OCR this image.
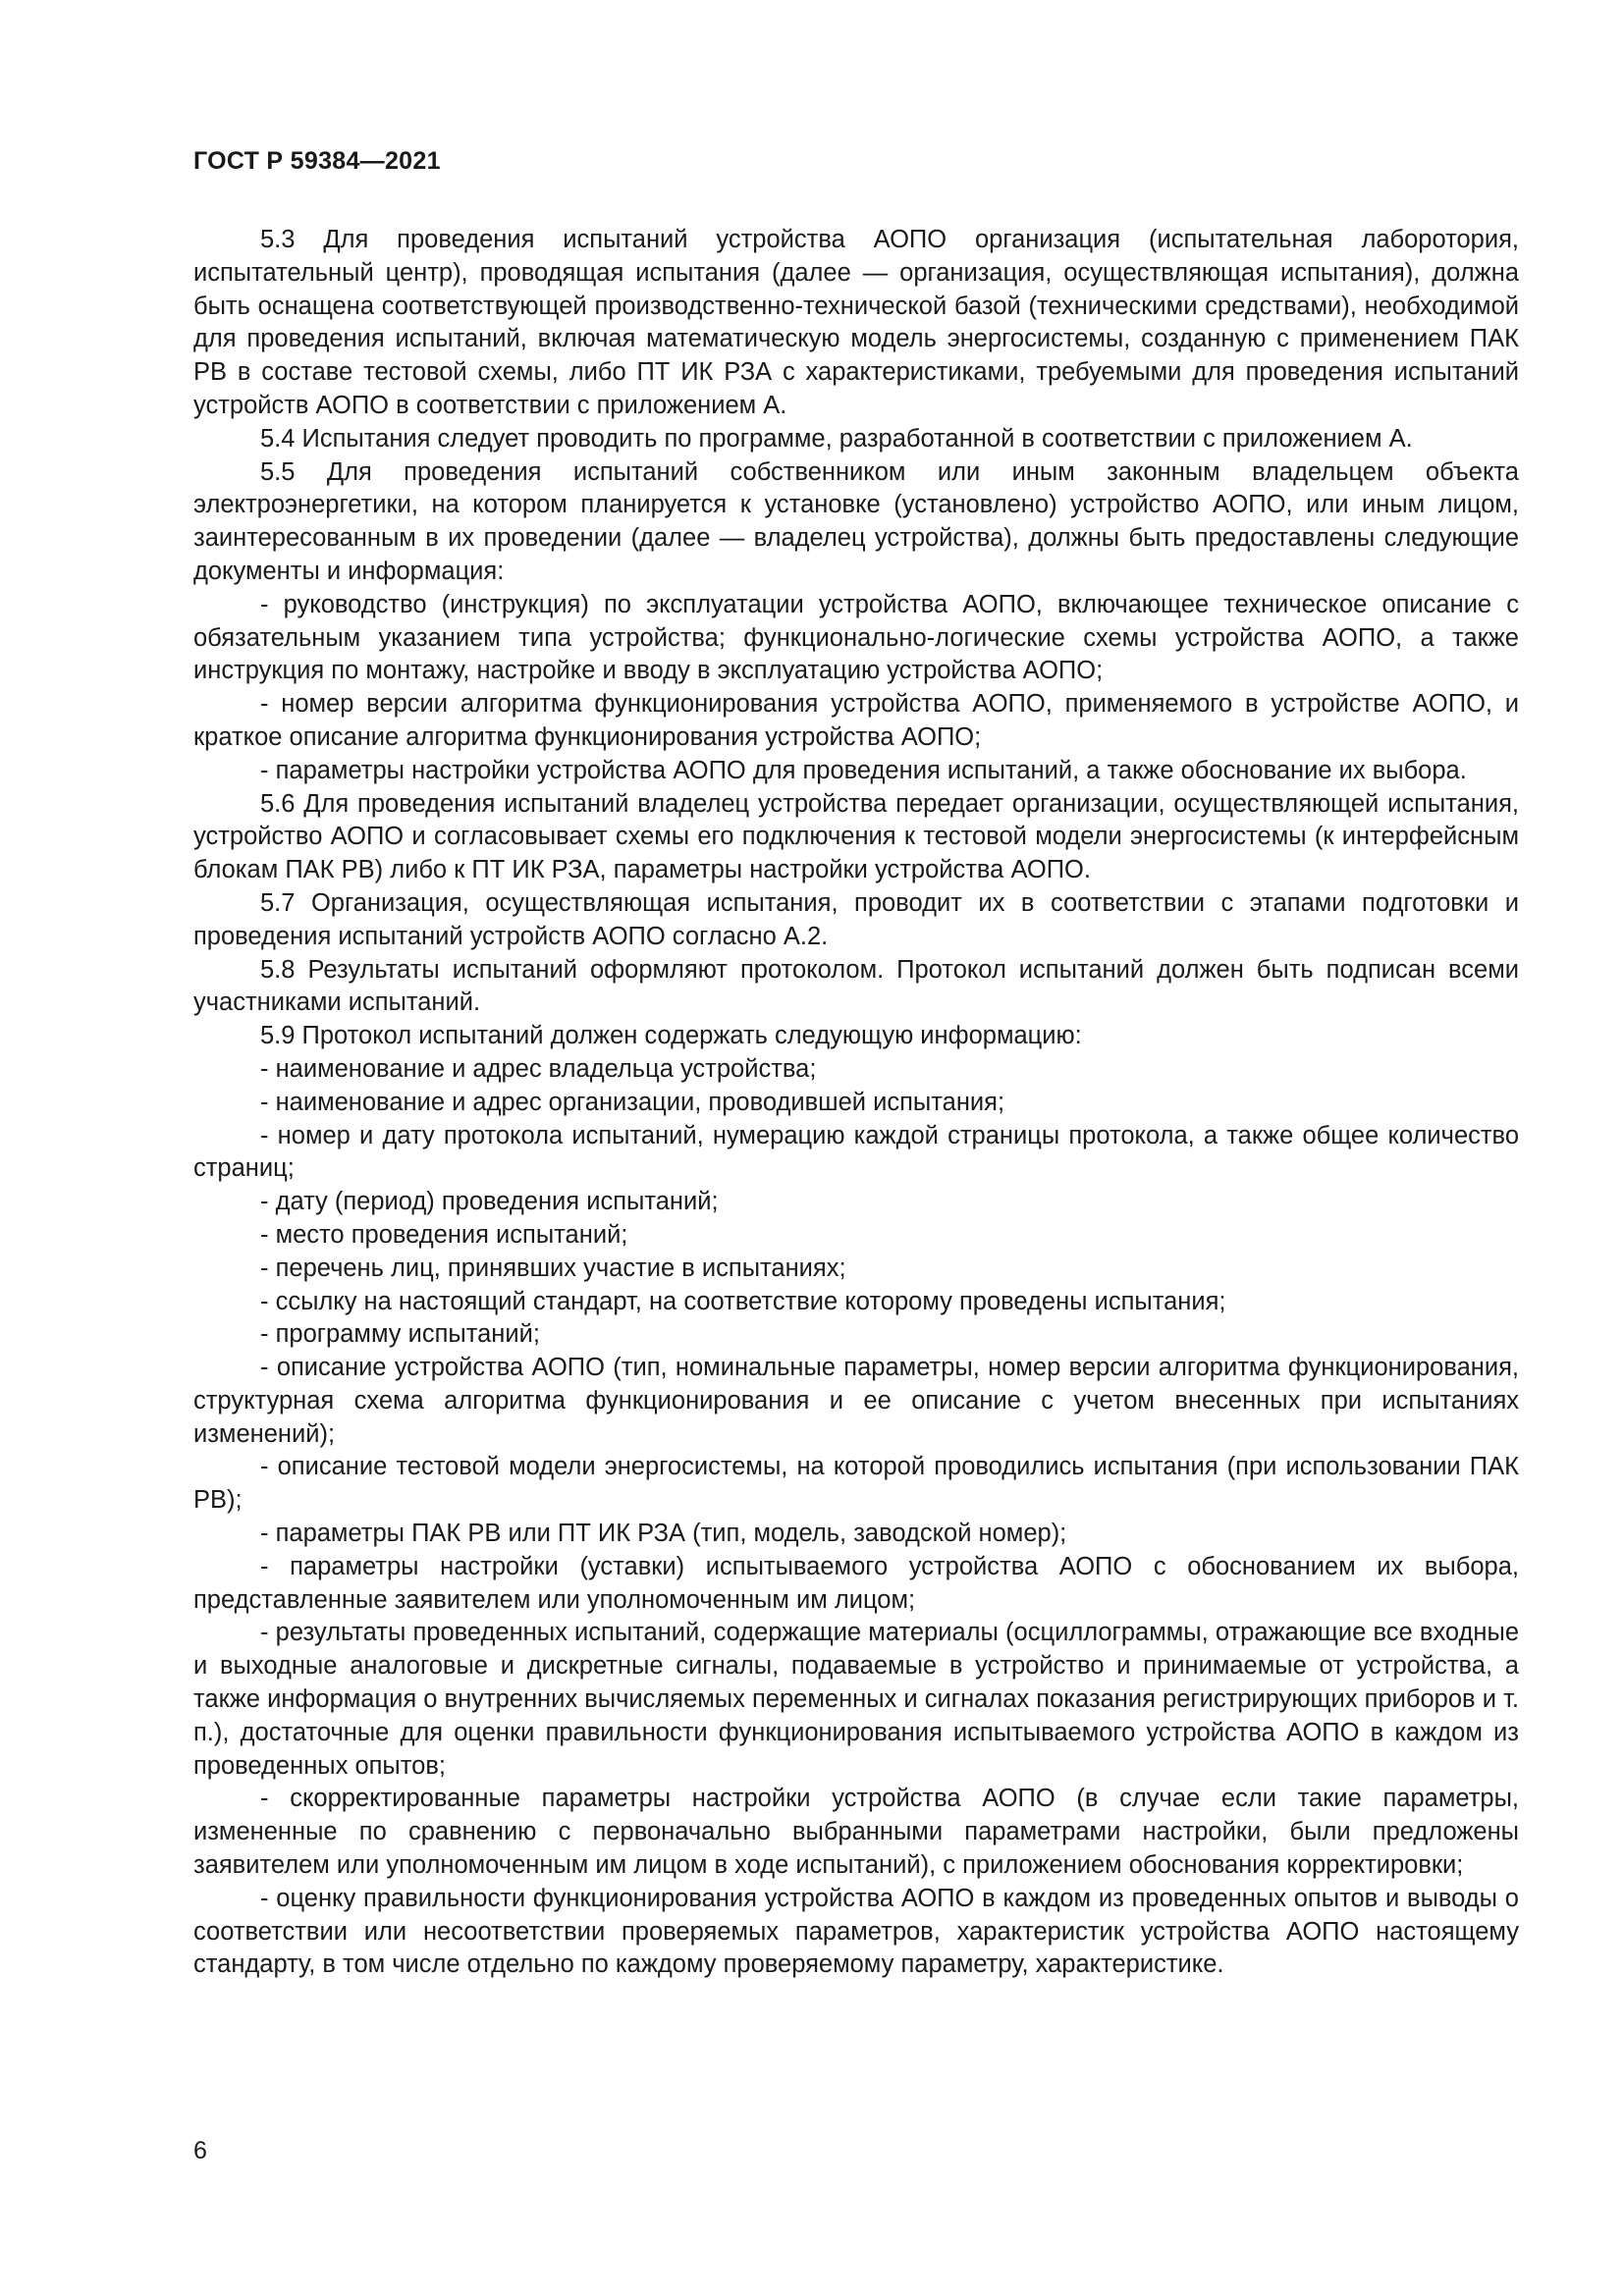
ГОСТ Р 59384—2021

5.3 Для проведения испытаний устройства АОПО организация (испытательная лаборотория, испытательный центр), проводящая испытания (далее — организация, осуществляющая испытания), должна быть оснащена соответствующей производственно-технической базой (техническими средствами), необходимой для проведения испытаний, включая математическую модель энергосистемы, созданную с применением ПАК РВ в составе тестовой схемы, либо ПТ ИК РЗА с характеристиками, требуемыми для проведения испытаний устройств АОПО в соответствии с приложением А.

5.4 Испытания следует проводить по программе, разработанной в соответствии с приложением А.

5.5 Для проведения испытаний собственником или иным законным владельцем объекта электроэнергетики, на котором планируется к установке (установлено) устройство АОПО, или иным лицом, заинтересованным в их проведении (далее — владелец устройства), должны быть предоставлены следующие документы и информация:

- руководство (инструкция) по эксплуатации устройства АОПО, включающее техническое описание с обязательным указанием типа устройства; функционально-логические схемы устройства АОПО, а также инструкция по монтажу, настройке и вводу в эксплуатацию устройства АОПО;

- номер версии алгоритма функционирования устройства АОПО, применяемого в устройстве АОПО, и краткое описание алгоритма функционирования устройства АОПО;

- параметры настройки устройства АОПО для проведения испытаний, а также обоснование их выбора.

5.6 Для проведения испытаний владелец устройства передает организации, осуществляющей испытания, устройство АОПО и согласовывает схемы его подключения к тестовой модели энергосистемы (к интерфейсным блокам ПАК РВ) либо к ПТ ИК РЗА, параметры настройки устройства АОПО.

5.7 Организация, осуществляющая испытания, проводит их в соответствии с этапами подготовки и проведения испытаний устройств АОПО согласно А.2.

5.8 Результаты испытаний оформляют протоколом. Протокол испытаний должен быть подписан всеми участниками испытаний.

5.9 Протокол испытаний должен содержать следующую информацию:

- наименование и адрес владельца устройства;

- наименование и адрес организации, проводившей испытания;

- номер и дату протокола испытаний, нумерацию каждой страницы протокола, а также общее количество страниц;

- дату (период) проведения испытаний;

- место проведения испытаний;

- перечень лиц, принявших участие в испытаниях;

- ссылку на настоящий стандарт, на соответствие которому проведены испытания;

- программу испытаний;

- описание устройства АОПО (тип, номинальные параметры, номер версии алгоритма функционирования, структурная схема алгоритма функционирования и ее описание с учетом внесенных при испытаниях изменений);

- описание тестовой модели энергосистемы, на которой проводились испытания (при использовании ПАК РВ);

- параметры ПАК РВ или ПТ ИК РЗА (тип, модель, заводской номер);

- параметры настройки (уставки) испытываемого устройства АОПО с обоснованием их выбора, представленные заявителем или уполномоченным им лицом;

- результаты проведенных испытаний, содержащие материалы (осциллограммы, отражающие все входные и выходные аналоговые и дискретные сигналы, подаваемые в устройство и принимаемые от устройства, а также информация о внутренних вычисляемых переменных и сигналах показания регистрирующих приборов и т. п.), достаточные для оценки правильности функционирования испытываемого устройства АОПО в каждом из проведенных опытов;

- скорректированные параметры настройки устройства АОПО (в случае если такие параметры, измененные по сравнению с первоначально выбранными параметрами настройки, были предложены заявителем или уполномоченным им лицом в ходе испытаний), с приложением обоснования корректировки;

- оценку правильности функционирования устройства АОПО в каждом из проведенных опытов и выводы о соответствии или несоответствии проверяемых параметров, характеристик устройства АОПО настоящему стандарту, в том числе отдельно по каждому проверяемому параметру, характеристике.

6
